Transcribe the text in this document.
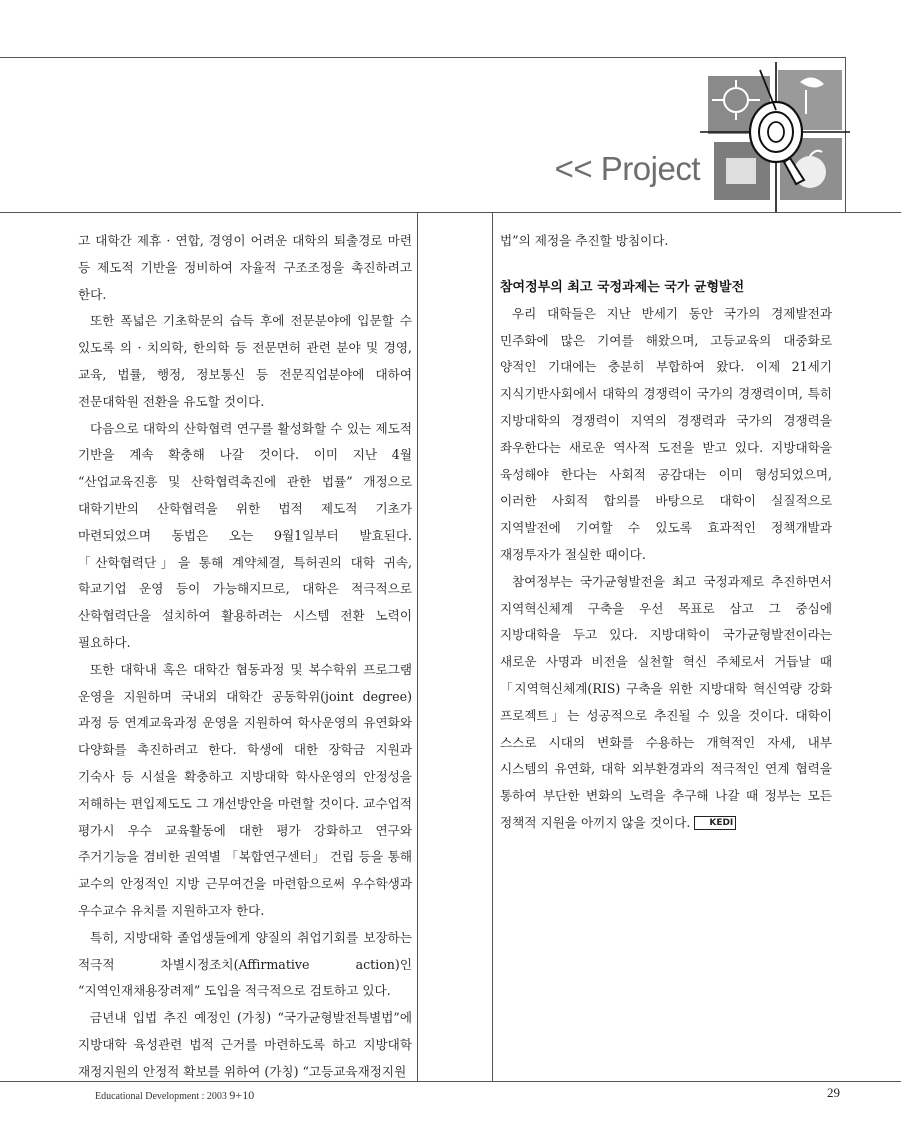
<< Project

고 대학간 제휴 · 연합, 경영이 어려운 대학의 퇴출경로 마련 등 제도적 기반을 정비하여 자율적 구조조정을 촉진하려고 한다.

또한 폭넓은 기초학문의 습득 후에 전문분야에 입문할 수 있도록 의 · 치의학, 한의학 등 전문면허 관련 분야 및 경영, 교육, 법률, 행정, 정보통신 등 전문직업분야에 대하여 전문대학원 전환을 유도할 것이다.

다음으로 대학의 산학협력 연구를 활성화할 수 있는 제도적 기반을 계속 확충해 나갈 것이다. 이미 지난 4월 “산업교육진흥 및 산학협력촉진에 관한 법률” 개정으로 대학기반의 산학협력을 위한 법적 제도적 기초가 마련되었으며 동법은 오는 9월1일부터 발효된다. 「산학협력단」을 통해 계약체결, 특허권의 대학 귀속, 학교기업 운영 등이 가능해지므로, 대학은 적극적으로 산학협력단을 설치하여 활용하려는 시스템 전환 노력이 필요하다.

또한 대학내 혹은 대학간 협동과정 및 복수학위 프로그램 운영을 지원하며 국내외 대학간 공동학위(joint degree)과정 등 연계교육과정 운영을 지원하여 학사운영의 유연화와 다양화를 촉진하려고 한다. 학생에 대한 장학금 지원과 기숙사 등 시설을 확충하고 지방대학 학사운영의 안정성을 저해하는 편입제도도 그 개선방안을 마련할 것이다. 교수업적 평가시 우수 교육활동에 대한 평가 강화하고 연구와 주거기능을 겸비한 권역별 「복합연구센터」 건립 등을 통해 교수의 안정적인 지방 근무여건을 마련함으로써 우수학생과 우수교수 유치를 지원하고자 한다.

특히, 지방대학 졸업생들에게 양질의 취업기회를 보장하는 적극적 차별시정조치(Affirmative action)인 “지역인재채용장려제” 도입을 적극적으로 검토하고 있다.

금년내 입법 추진 예정인 (가칭) “국가균형발전특별법”에 지방대학 육성관련 법적 근거를 마련하도록 하고 지방대학 재정지원의 안정적 확보를 위하여 (가칭) “고등교육재정지원

법”의 제정을 추진할 방침이다.

참여정부의 최고 국정과제는 국가 균형발전

우리 대학들은 지난 반세기 동안 국가의 경제발전과 민주화에 많은 기여를 해왔으며, 고등교육의 대중화로 양적인 기대에는 충분히 부합하여 왔다. 이제 21세기 지식기반사회에서 대학의 경쟁력이 국가의 경쟁력이며, 특히 지방대학의 경쟁력이 지역의 경쟁력과 국가의 경쟁력을 좌우한다는 새로운 역사적 도전을 받고 있다. 지방대학을 육성해야 한다는 사회적 공감대는 이미 형성되었으며, 이러한 사회적 합의를 바탕으로 대학이 실질적으로 지역발전에 기여할 수 있도록 효과적인 정책개발과 재정투자가 절실한 때이다.

참여정부는 국가균형발전을 최고 국정과제로 추진하면서 지역혁신체계 구축을 우선 목표로 삼고 그 중심에 지방대학을 두고 있다. 지방대학이 국가균형발전이라는 새로운 사명과 비전을 실천할 혁신 주체로서 거듭날 때 「지역혁신체계(RIS) 구축을 위한 지방대학 혁신역량 강화 프로젝트」는 성공적으로 추진될 수 있을 것이다. 대학이 스스로 시대의 변화를 수용하는 개혁적인 자세, 내부 시스템의 유연화, 대학 외부환경과의 적극적인 연계 협력을 통하여 부단한 변화의 노력을 추구해 나갈 때 정부는 모든 정책적 지원을 아끼지 않을 것이다. KEDI

Educational Development : 2003 9+10	29
